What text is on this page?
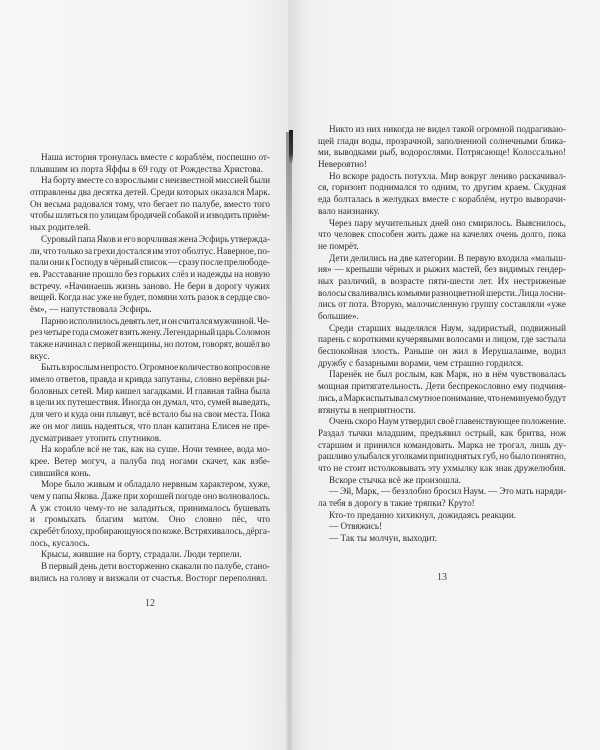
Наша история тронулась вместе с кораблём, поспешно от-
плывшим из порта Яффы в 69 году от Рождества Христова.
На борту вместе со взрослыми с неизвестной миссией были
отправлены два десятка детей. Среди которых оказался Марк.
Он весьма радовался тому, что бегает по палубе, вместо того
чтобы шляться по улицам бродячей собакой и изводить приём-
ных родителей.
Суровый папа Яков и его ворчливая жена Эсфирь утвержда-
ли, что только за грехи достался им этот оболтус. Наверное, по-
пали они к Господу в чёрный список — сразу после прелюбоде-
ев. Расставание прошло без горьких слёз и надежды на новую
встречу. «Начинаешь жизнь заново. Не бери в дорогу чужих
вещей. Когда нас уже не будет, помяни хоть разок в сердце сво-
ём», — напутствовала Эсфирь.
Парню исполнилось девять лет, и он считался мужчиной. Че-
рез четыре года сможет взять жену. Легендарный царь Соломон
также начинал с первой женщины, но потом, говорят, вошёл во
вкус.
Быть взрослым непросто. Огромное количество вопросов не
имело ответов, правда и кривда запутаны, словно верёвки ры-
боловных сетей. Мир кишел загадками. И главная тайна была
в цели их путешествия. Иногда он думал, что, сумей выведать,
для чего и куда они плывут, всё встало бы на свои места. Пока
же он мог лишь надеяться, что план капитана Елисея не пре-
дусматривает утопить спутников.
На корабле всё не так, как на суше. Ночи темнее, вода мо-
крее. Ветер могуч, а палуба под ногами скачет, как взбе-
сившийся конь.
Море было живым и обладало нервным характером, хуже,
чем у папы Якова. Даже при хорошей погоде оно волновалось.
А уж стоило чему-то не заладиться, принималось бушевать
и громыхать благим матом. Оно словно пёс, что
скребёт блоху, пробирающуюся по коже. Встряхивалось, дёрга-
лось, кусалось.
Крысы, жившие на борту, страдали. Люди терпели.
В первый день дети восторженно скакали по палубе, стано-
вились на голову и визжали от счастья. Восторг переполнял.
12
Никто из них никогда не видел такой огромной подрагиваю-
щей глади воды, прозрачной, заполненной солнечными блика-
ми, выводками рыб, водорослями. Потрясающе! Колоссально!
Невероятно!
Но вскоре радость потухла. Мир вокруг лениво раскачивал-
ся, горизонт поднимался то одним, то другим краем. Скудная
еда болталась в желудках вместе с кораблём, нутро выворачи-
вало наизнанку.
Через пару мучительных дней оно смирилось. Выяснилось,
что человек способен жить даже на качелях очень долго, пока
не помрёт.
Дети делились на две категории. В первую входила «малыш-
ня» — крепыши чёрных и рыжих мастей, без видимых гендер-
ных различий, в возрасте пяти-шести лет. Их нестриженые
волосы сваливались комьями разноцветной шерсти. Лица лосни-
лись от пота. Вторую, малочисленную группу составляли «уже
большие».
Среди старших выделялся Наум, задиристый, подвижный
парень с короткими кучерявыми волосами и лицом, где застыла
беспокойная злость. Раньше он жил в Иерушалаиме, водил
дружбу с базарными ворами, чем страшно гордился.
Паренёк не был рослым, как Марк, но в нём чувствовалась
мощная притягательность. Дети беспрекословно ему подчиня-
лись, а Марк испытывал смутное понимание, что неминуемо будут
втянуты в неприятности.
Очень скоро Наум утвердил своё главенствующее положение.
Раздал тычки младшим, предъявил острый, как бритва, нож
старшим и принялся командовать. Марка не трогал, лишь ду-
рашливо улыбался уголками приподнятых губ, но было понятно,
что не стоит истолковывать эту ухмылку как знак дружелюбия.
Вскоре стычка всё же произошла.
— Эй, Марк, — беззлобно бросил Наум. — Это мать наряди-
ла тебя в дорогу в такие тряпки? Круто!
Кто-то преданно хихикнул, дожидаясь реакции.
— Отвяжись!
— Так ты молчун, выходит.
13
